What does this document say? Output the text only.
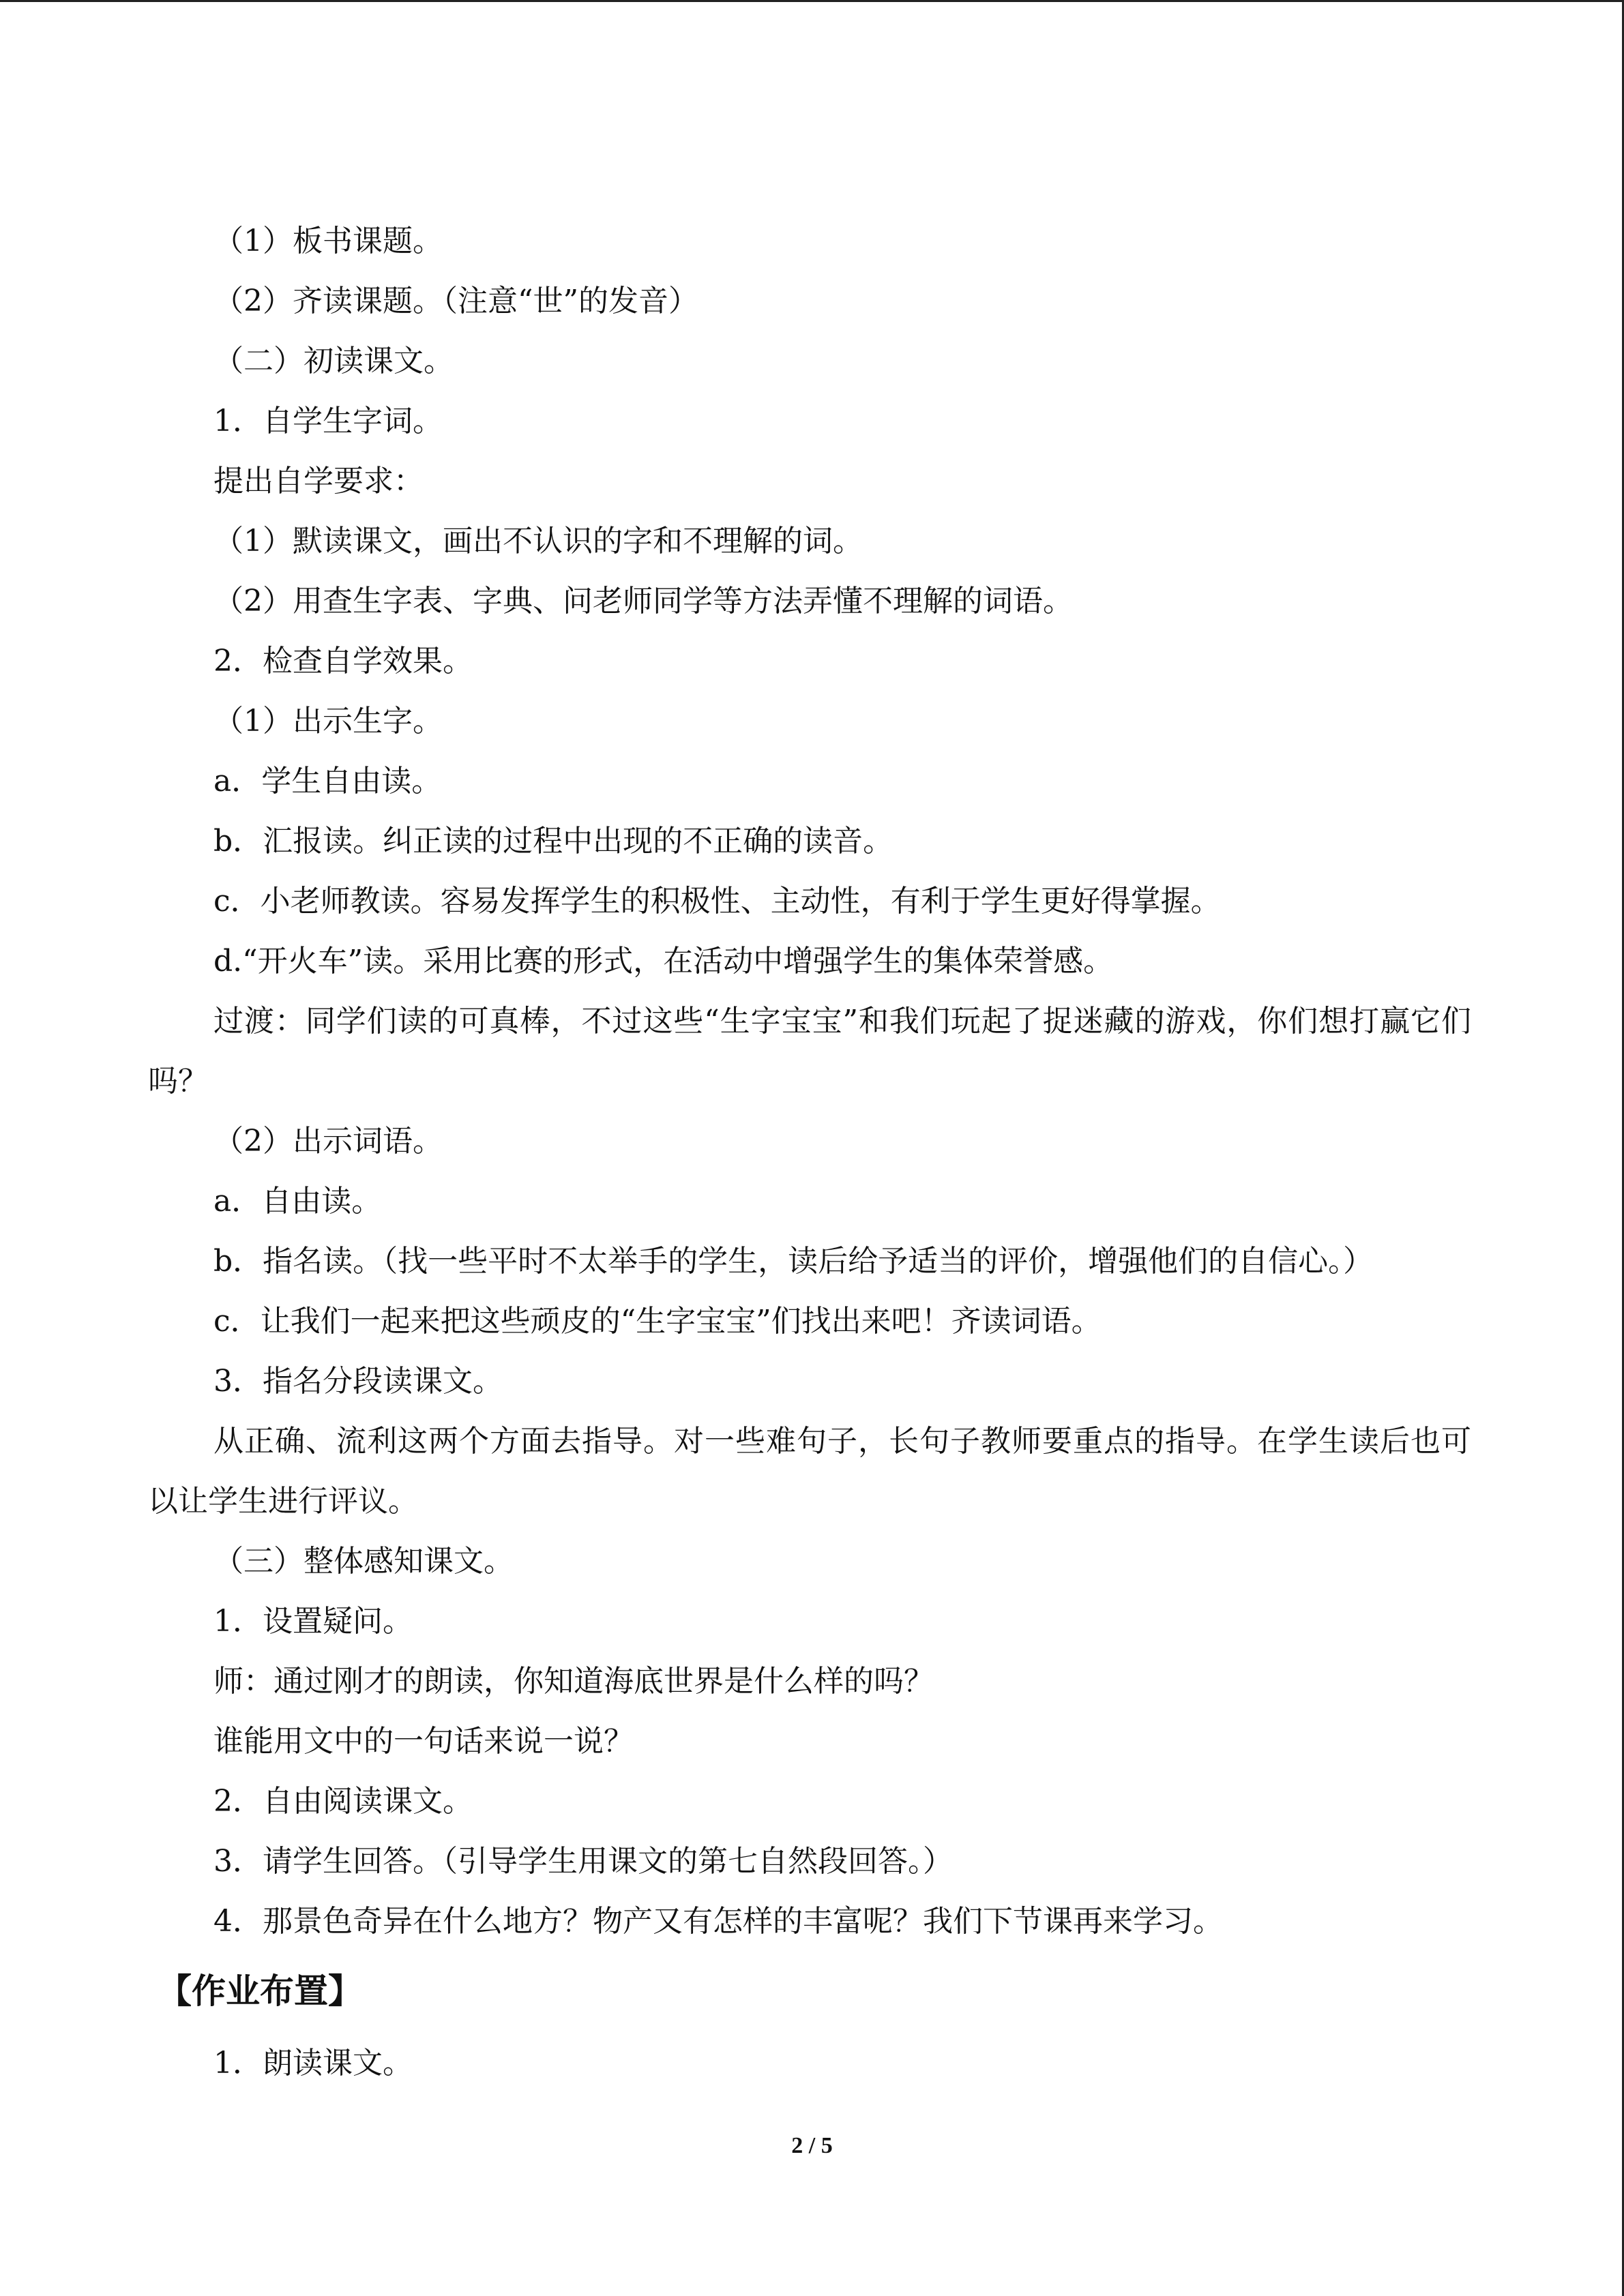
（1）板书课题。

（2）齐读课题。（注意“世”的发音）

（二）初读课文。

1．自学生字词。

提出自学要求：

（1）默读课文，画出不认识的字和不理解的词。

（2）用查生字表、字典、问老师同学等方法弄懂不理解的词语。

2．检查自学效果。

（1）出示生字。

a．学生自由读。

b．汇报读。纠正读的过程中出现的不正确的读音。

c．小老师教读。容易发挥学生的积极性、主动性，有利于学生更好得掌握。

d.“开火车”读。采用比赛的形式，在活动中增强学生的集体荣誉感。

过渡：同学们读的可真棒，不过这些“生字宝宝”和我们玩起了捉迷藏的游戏，你们想打赢它们吗？

（2）出示词语。

a．自由读。

b．指名读。（找一些平时不太举手的学生，读后给予适当的评价，增强他们的自信心。）

c．让我们一起来把这些顽皮的“生字宝宝”们找出来吧！齐读词语。

3．指名分段读课文。

从正确、流利这两个方面去指导。对一些难句子，长句子教师要重点的指导。在学生读后也可以让学生进行评议。

（三）整体感知课文。

1．设置疑问。

师：通过刚才的朗读，你知道海底世界是什么样的吗？

谁能用文中的一句话来说一说？

2．自由阅读课文。

3．请学生回答。（引导学生用课文的第七自然段回答。）

4．那景色奇异在什么地方？物产又有怎样的丰富呢？我们下节课再来学习。

【作业布置】

1．朗读课文。

2 / 5
